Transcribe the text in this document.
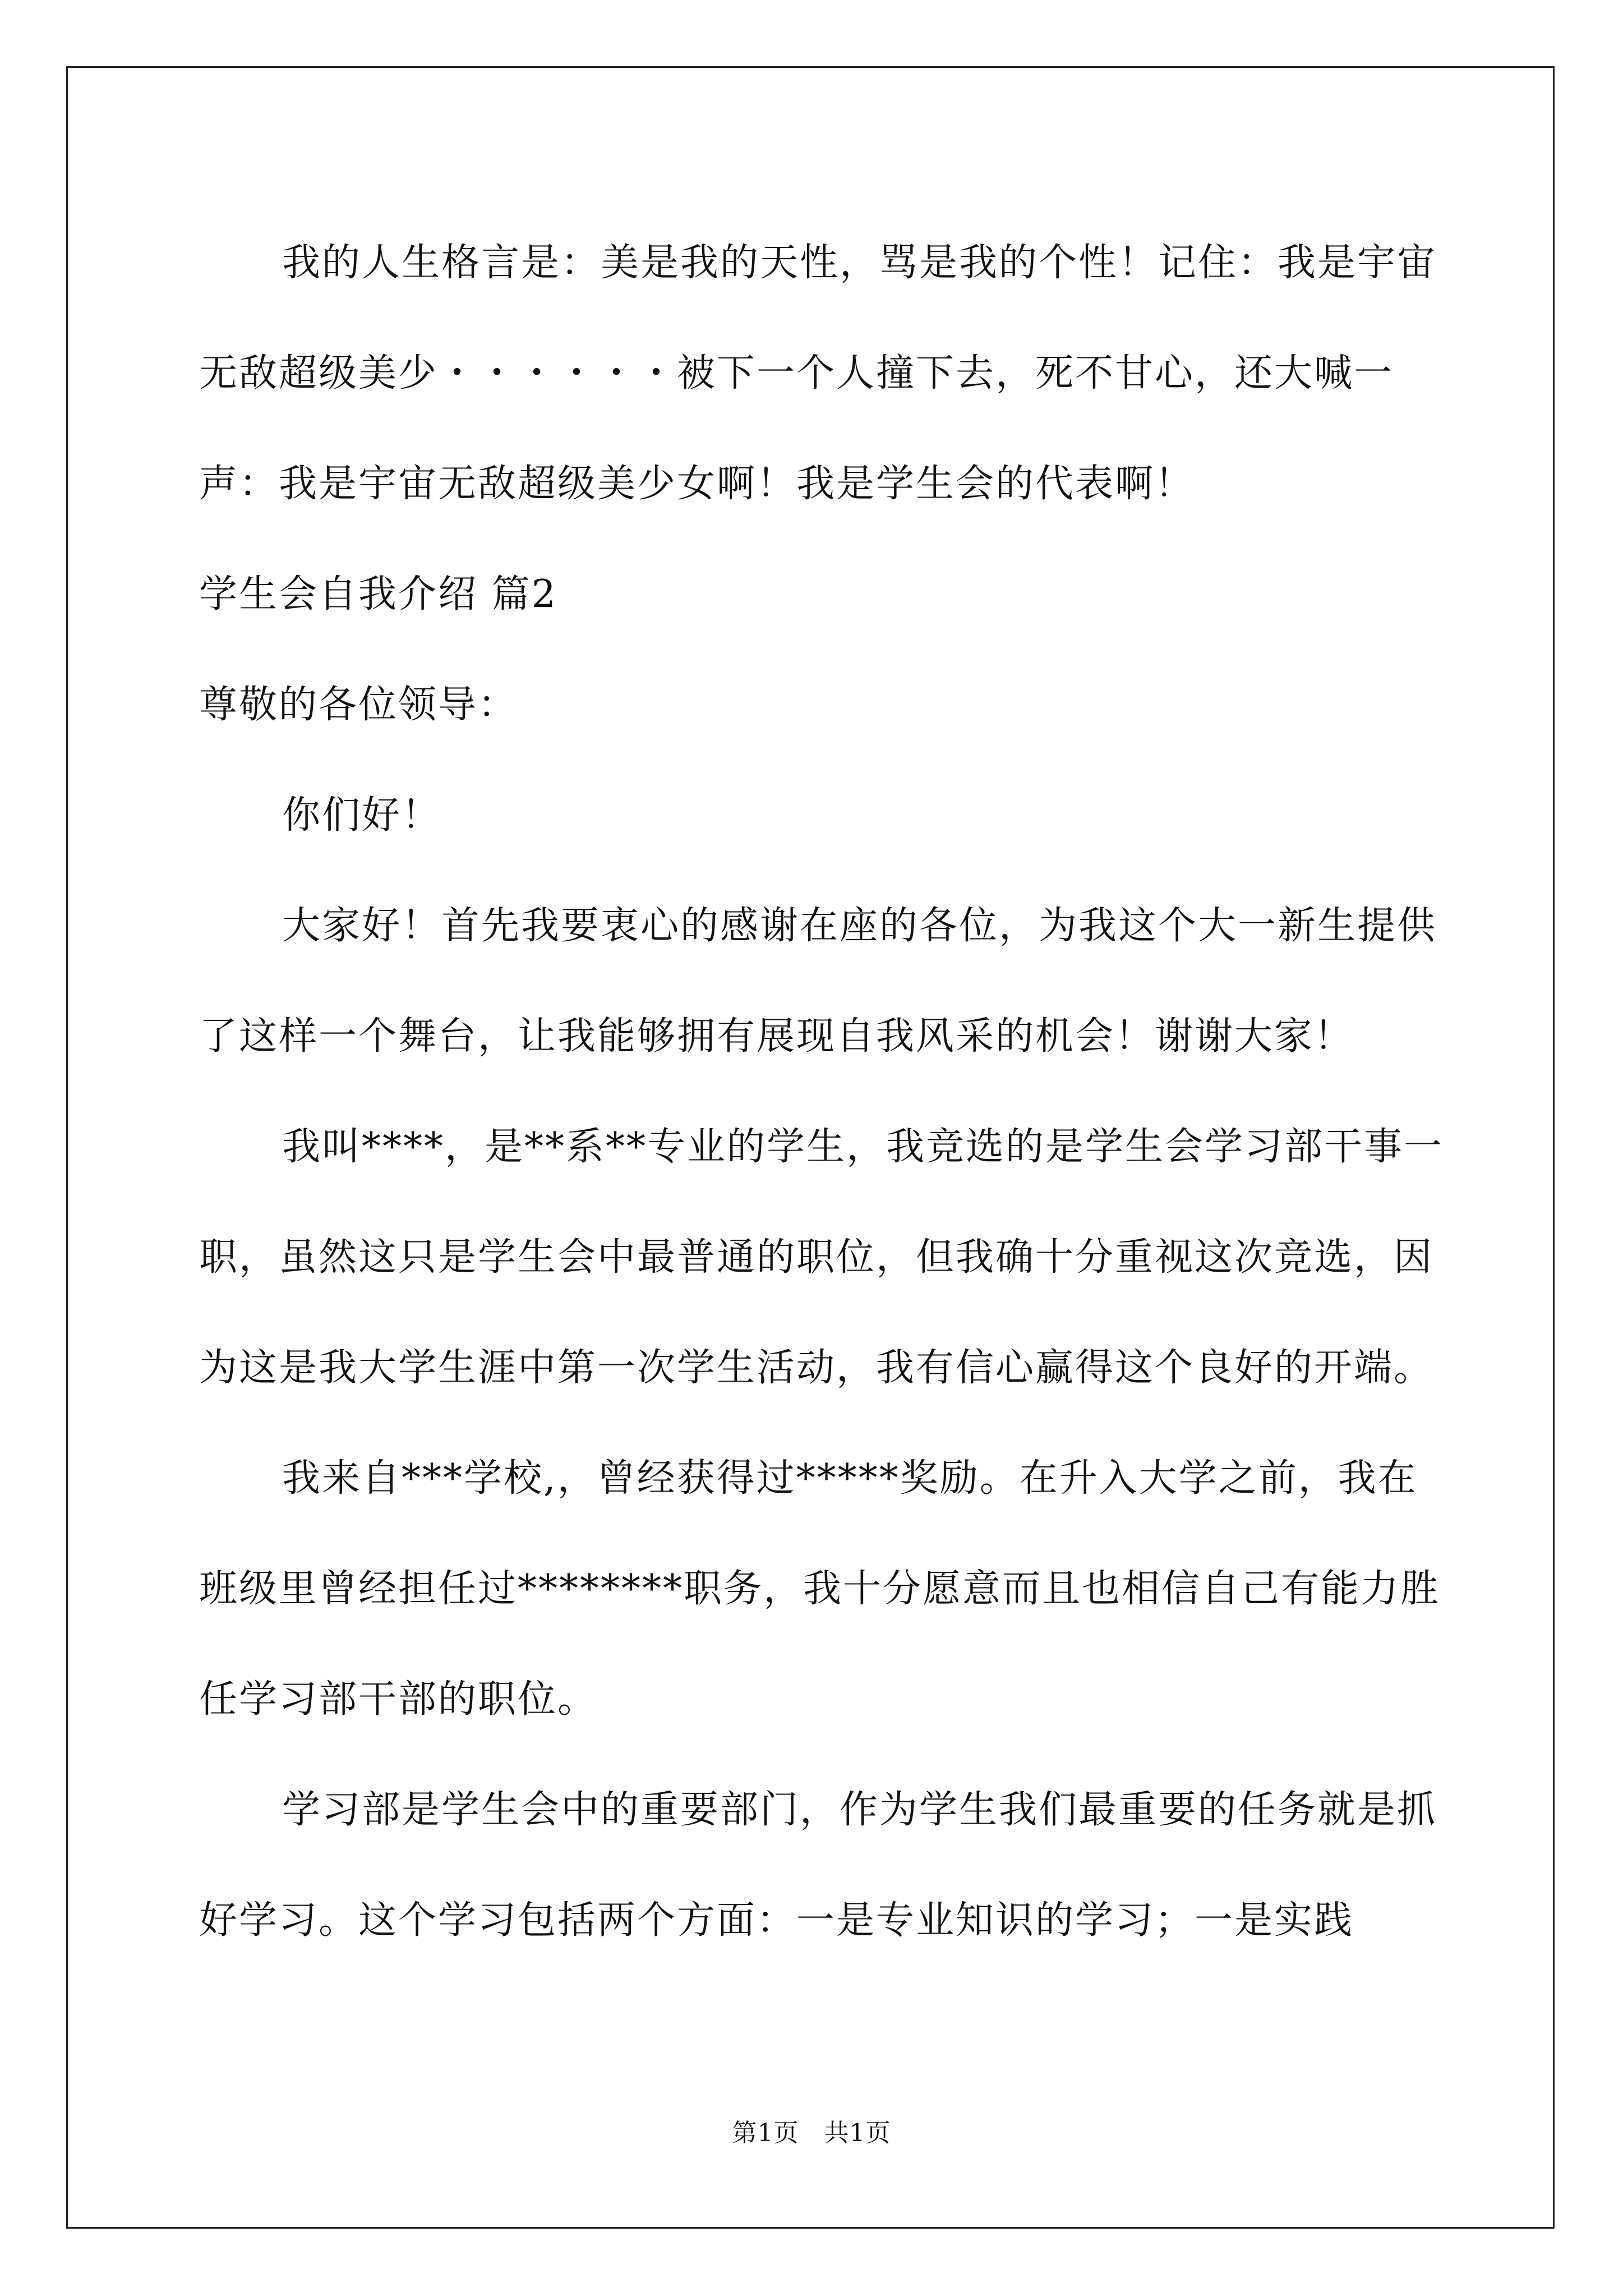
我的人生格言是：美是我的天性，骂是我的个性！记住：我是宇宙无敌超级美少・・・・・・被下一个人撞下去，死不甘心，还大喊一声：我是宇宙无敌超级美少女啊！我是学生会的代表啊！

学生会自我介绍 篇2

尊敬的各位领导：

你们好！

大家好！首先我要衷心的感谢在座的各位，为我这个大一新生提供了这样一个舞台，让我能够拥有展现自我风采的机会！谢谢大家！

我叫****，是**系**专业的学生，我竞选的是学生会学习部干事一职，虽然这只是学生会中最普通的职位，但我确十分重视这次竞选，因为这是我大学生涯中第一次学生活动，我有信心赢得这个良好的开端。

我来自***学校,，曾经获得过*****奖励。在升入大学之前，我在班级里曾经担任过********职务，我十分愿意而且也相信自己有能力胜任学习部干部的职位。

学习部是学生会中的重要部门，作为学生我们最重要的任务就是抓好学习。这个学习包括两个方面：一是专业知识的学习；一是实践

第1页　共1页
